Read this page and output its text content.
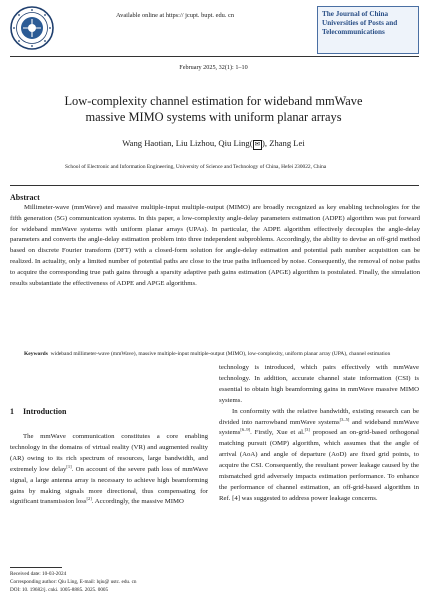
Available online at https:// jcupt. bupt. edu. cn	The Journal of China
Universities of Posts and
Telecommunications
February 2025, 32(1): 1–10
Low-complexity channel estimation for wideband mmWave
massive MIMO systems with uniform planar arrays
Wang Haotian, Liu Lizhou, Qiu Ling( ✉ ), Zhang Lei
School of Electronic and Information Engineering, University of Science and Technology of China, Hefei 230022, China
Abstract
Millimeter-wave (mmWave) and massive multiple-input multiple-output (MIMO) are broadly recognized as key enabling technologies for the fifth generation (5G) communication systems. In this paper, a low-complexity angle-delay parameters estimation (ADPE) algorithm was put forward for wideband mmWave systems with uniform planar arrays (UPAs). In particular, the ADPE algorithm effectively decouples the angle-delay parameters and converts the angle-delay estimation problem into three independent subproblems. Accordingly, the ability to devise an off-grid method based on discrete Fourier transform (DFT) with a closed-form solution for angle-delay estimation and potential path number acquisition can be realized. In actuality, only a limited number of potential paths are close to the true paths influenced by noise. Consequently, the removal of noise paths to acquire the corresponding true path gains through a sparsity adaptive path gains estimation (APGE) algorithm is postulated. Finally, the simulation results substantiate the effectiveness of ADPE and APGE algorithms.
Keywords wideband millimeter-wave (mmWave), massive multiple-input multiple-output (MIMO), low-complexity, uniform planar array (UPA), channel estimation
1 Introduction
The mmWave communication constitutes a core enabling technology in the domains of virtual reality (VR) and augmented reality (AR) owing to its rich spectrum of resources, large bandwidth, and extremely low delay[1]. On account of the severe path loss of mmWave signal, a large antenna array is necessary to achieve high beamforming gains by making signals more directional, thus compensating for significant transmission loss[2]. Accordingly, the massive MIMO

technology is introduced, which pairs effectively with mmWave technology. In addition, accurate channel state information (CSI) is essential to obtain high beamforming gains in mmWave massive MIMO systems.

In conformity with the relative bandwidth, existing research can be divided into narrowband mmWave systems[3–5] and wideband mmWave systems[6–9]. Firstly, Xue et al.[3] proposed an on-grid-based orthogonal matching pursuit (OMP) algorithm, which assumes that the angle of arrival (AoA) and angle of departure (AoD) are fixed grid points, to acquire the CSI. Consequently, the resultant power leakage caused by the mismatched grid adversely impacts estimation performance. To enhance the performance of channel estimation, an off-grid-based algorithm in Ref. [4] was suggested to address power leakage concerns.

Received date: 10-03-2024
Corresponding author: Qiu Ling, E-mail: lqiu@ ustc. edu. cn
DOI: 10. 19682/j. cnki. 1005-8885. 2025. 0005
